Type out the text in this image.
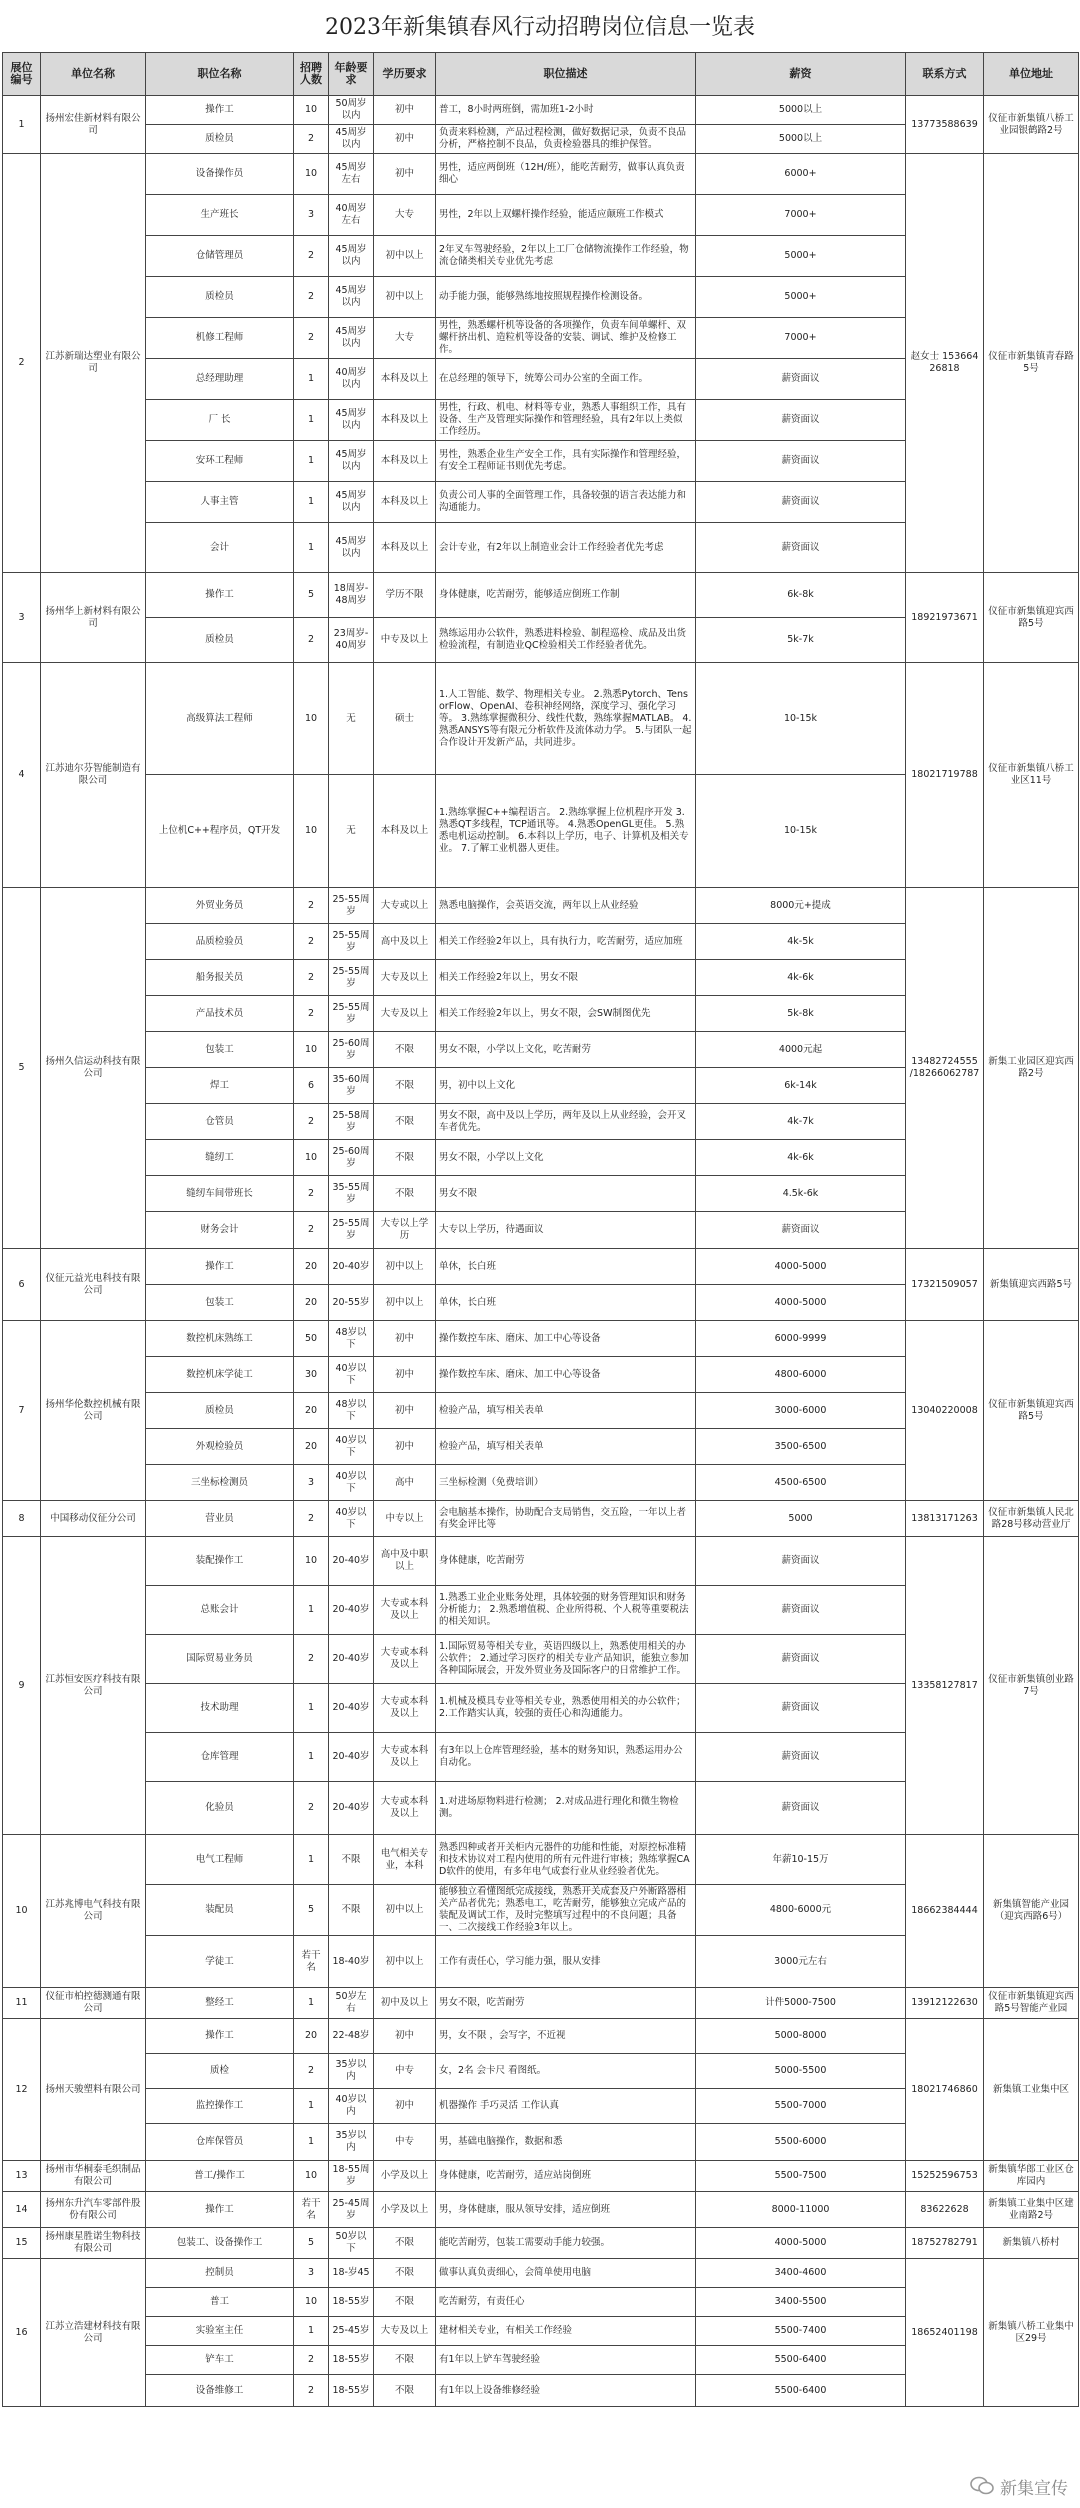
2023年新集镇春风行动招聘岗位信息一览表
展位编号	单位名称	职位名称	招聘人数	年龄要求	学历要求	职位描述	薪资	联系方式	单位地址
1	扬州宏佳新材料有限公司	操作工	10	50周岁以内	初中	普工，8小时两班倒，需加班1-2小时	5000以上	13773588639	仪征市新集镇八桥工业园银鹤路2号
		质检员	2	45周岁以内	初中	负责来料检测，产品过程检测，做好数据记录，负责不良品分析，严格控制不良品，负责检验器具的维护保管。	5000以上		
2	江苏新瑞达塑业有限公司	设备操作员	10	45周岁左右	初中	男性，适应两倒班（12H/班），能吃苦耐劳，做事认真负责细心	6000+	赵女士 15366426818	仪征市新集镇青春路5号
		生产班长	3	40周岁左右	大专	男性，2年以上双螺杆操作经验，能适应颠班工作模式	7000+		
		仓储管理员	2	45周岁以内	初中以上	2年叉车驾驶经验，2年以上工厂仓储物流操作工作经验，物流仓储类相关专业优先考虑	5000+		
		质检员	2	45周岁以内	初中以上	动手能力强，能够熟练地按照规程操作检测设备。	5000+		
		机修工程师	2	45周岁以内	大专	男性，熟悉螺杆机等设备的各项操作，负责车间单螺杆、双螺杆挤出机、造粒机等设备的安装、调试、维护及检修工作。	7000+		
		总经理助理	1	40周岁以内	本科及以上	在总经理的领导下，统筹公司办公室的全面工作。	薪资面议		
		厂 长	1	45周岁以内	本科及以上	男性，行政、机电、材料等专业，熟悉人事组织工作，具有设备、生产及管理实际操作和管理经验，具有2年以上类似工作经历。	薪资面议		
		安环工程师	1	45周岁以内	本科及以上	男性，熟悉企业生产安全工作，具有实际操作和管理经验，有安全工程师证书则优先考虑。	薪资面议		
		人事主管	1	45周岁以内	本科及以上	负责公司人事的全面管理工作，具备较强的语言表达能力和沟通能力。	薪资面议		
		会计	1	45周岁以内	本科及以上	会计专业，有2年以上制造业会计工作经验者优先考虑	薪资面议		
3	扬州华上新材料有限公司	操作工	5	18周岁-48周岁	学历不限	身体健康，吃苦耐劳，能够适应倒班工作制	6k-8k	18921973671	仪征市新集镇迎宾西路5号
		质检员	2	23周岁-40周岁	中专及以上	熟练运用办公软件，熟悉进料检验、制程巡检、成品及出货检验流程，有制造业QC检验相关工作经验者优先。	5k-7k		
4	江苏迪尔芬智能制造有限公司	高级算法工程师	10	无	硕士	1.人工智能、数学、物理相关专业。 2.熟悉Pytorch、TensorFlow、OpenAI、卷积神经网络，深度学习、强化学习等。 3.熟练掌握微积分、线性代数，熟练掌握MATLAB。 4.熟悉ANSYS等有限元分析软件及流体动力学。 5.与团队一起合作设计开发新产品，共同进步。	10-15k	18021719788	仪征市新集镇八桥工业区11号
		上位机C++程序员，QT开发	10	无	本科及以上	1.熟练掌握C++编程语言。 2.熟练掌握上位机程序开发 3.熟悉QT多线程，TCP通讯等。 4.熟悉OpenGL更佳。 5.熟悉电机运动控制。 6.本科以上学历，电子、计算机及相关专业。 7.了解工业机器人更佳。	10-15k		
5	扬州久信运动科技有限公司	外贸业务员	2	25-55周岁	大专或以上	熟悉电脑操作，会英语交流，两年以上从业经验	8000元+提成	13482724555 /18266062787	新集工业园区迎宾西路2号
		品质检验员	2	25-55周岁	高中及以上	相关工作经验2年以上，具有执行力，吃苦耐劳，适应加班	4k-5k		
		船务报关员	2	25-55周岁	大专及以上	相关工作经验2年以上，男女不限	4k-6k		
		产品技术员	2	25-55周岁	大专及以上	相关工作经验2年以上，男女不限，会SW制图优先	5k-8k		
		包装工	10	25-60周岁	不限	男女不限，小学以上文化，吃苦耐劳	4000元起		
		焊工	6	35-60周岁	不限	男，初中以上文化	6k-14k		
		仓管员	2	25-58周岁	不限	男女不限，高中及以上学历，两年及以上从业经验，会开叉车者优先。	4k-7k		
		缝纫工	10	25-60周岁	不限	男女不限，小学以上文化	4k-6k		
		缝纫车间带班长	2	35-55周岁	不限	男女不限	4.5k-6k		
		财务会计	2	25-55周岁	大专以上学历	大专以上学历，待遇面议	薪资面议		
6	仪征元益光电科技有限公司	操作工	20	20-40岁	初中以上	单休，长白班	4000-5000	17321509057	新集镇迎宾西路5号
		包装工	20	20-55岁	初中以上	单休，长白班	4000-5000		
7	扬州华伦数控机械有限公司	数控机床熟练工	50	48岁以下	初中	操作数控车床、磨床、加工中心等设备	6000-9999	13040220008	仪征市新集镇迎宾西路5号
		数控机床学徒工	30	40岁以下	初中	操作数控车床、磨床、加工中心等设备	4800-6000		
		质检员	20	48岁以下	初中	检验产品，填写相关表单	3000-6000		
		外观检验员	20	40岁以下	初中	检验产品，填写相关表单	3500-6500		
		三坐标检测员	3	40岁以下	高中	三坐标检测（免费培训）	4500-6500		
8	中国移动仪征分公司	营业员	2	40岁以下	中专以上	会电脑基本操作，协助配合支局销售，交五险，一年以上者有奖金评比等	5000	13813171263	仪征市新集镇人民北路28号移动营业厅
9	江苏恒安医疗科技有限公司	装配操作工	10	20-40岁	高中及中职以上	身体健康，吃苦耐劳	薪资面议	13358127817	仪征市新集镇创业路7号
		总账会计	1	20-40岁	大专或本科及以上	1.熟悉工业企业账务处理，具体较强的财务管理知识和财务分析能力； 2.熟悉增值税、企业所得税、个人税等重要税法的相关知识。	薪资面议		
		国际贸易业务员	2	20-40岁	大专或本科及以上	1.国际贸易等相关专业，英语四级以上，熟悉使用相关的办公软件； 2.通过学习医疗的相关专业产品知识，能独立参加各种国际展会，开发外贸业务及国际客户的日常维护工作。	薪资面议		
		技术助理	1	20-40岁	大专或本科及以上	1.机械及模具专业等相关专业，熟悉使用相关的办公软件； 2.工作踏实认真，较强的责任心和沟通能力。	薪资面议		
		仓库管理	1	20-40岁	大专或本科及以上	有3年以上仓库管理经验，基本的财务知识，熟悉运用办公自动化。	薪资面议		
		化验员	2	20-40岁	大专或本科及以上	1.对进场原物料进行检测； 2.对成品进行理化和微生物检测。	薪资面议		
10	江苏兆博电气科技有限公司	电气工程师	1	不限	电气相关专业，本科	熟悉四种或者开关柜内元器件的功能和性能，对原控标准精和技术协议对工程内使用的所有元件进行审核；熟练掌握CAD软件的使用，有多年电气成套行业从业经验者优先。	年薪10-15万	18662384444	新集镇智能产业园（迎宾西路6号）
		装配员	5	不限	初中以上	能够独立看懂图纸完成接线，熟悉开关成套及户外断路器相关产品者优先；熟悉电工，吃苦耐劳，能够独立完成产品的装配及调试工作，及时完整填写过程中的不良问题；具备一、二次接线工作经验3年以上。	4800-6000元		
		学徒工	若干名	18-40岁	初中以上	工作有责任心，学习能力强，服从安排	3000元左右		
11	仪征市柏控德测通有限公司	整经工	1	50岁左右	初中及以上	男女不限，吃苦耐劳	计件5000-7500	13912122630	仪征市新集镇迎宾西路5号智能产业园
12	扬州天骏塑料有限公司	操作工	20	22-48岁	初中	男，女不限 ，会写字，不近视	5000-8000	18021746860	新集镇工业集中区
		质检	2	35岁以内	中专	女，2名 会卡尺 看图纸。	5000-5500		
		监控操作工	1	40岁以内	初中	机器操作 手巧灵活 工作认真	5500-7000		
		仓库保管员	1	35岁以内	中专	男，基础电脑操作，数据和悉	5500-6000		
13	扬州市华桐泰毛织制品有限公司	普工/操作工	10	18-55周岁	小学及以上	身体健康，吃苦耐劳，适应站岗倒班	5500-7500	15252596753	新集镇华郎工业区仓库园内
14	扬州东升汽车零部件股份有限公司	操作工	若干名	25-45周岁	小学及以上	男，身体健康，服从领导安排，适应倒班	8000-11000	83622628	新集镇工业集中区建业南路2号
15	扬州康星胜诺生物科技有限公司	包装工、设备操作工	5	50岁以下	不限	能吃苦耐劳，包装工需要动手能力较强。	4000-5000	18752782791	新集镇八桥村
16	江苏立浩建材科技有限公司	控制员	3	18-岁45	不限	做事认真负责细心，会简单使用电脑	3400-4600	18652401198	新集镇八桥工业集中区29号
		普工	10	18-55岁	不限	吃苦耐劳，有责任心	3400-5500		
		实验室主任	1	25-45岁	大专及以上	建材相关专业，有相关工作经验	5500-7400		
		铲车工	2	18-55岁	不限	有1年以上铲车驾驶经验	5500-6400		
		设备维修工	2	18-55岁	不限	有1年以上设备维修经验	5500-6400		
新集宣传
